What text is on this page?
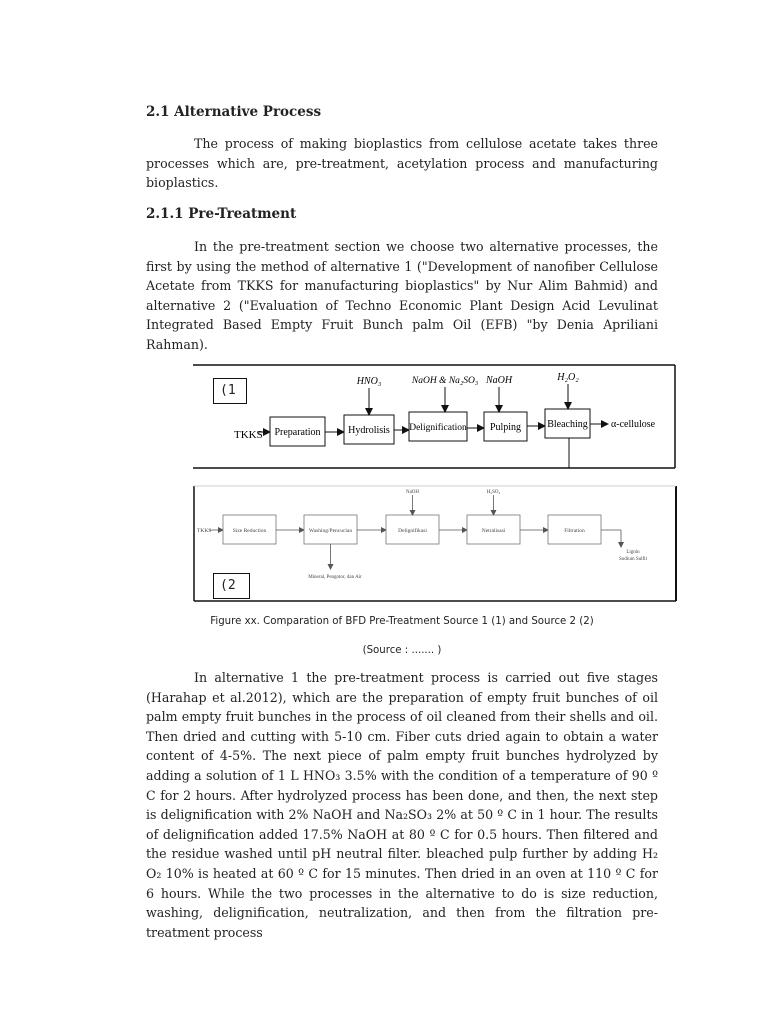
2.1 Alternative Process

The process of making bioplastics from cellulose acetate takes three processes which are, pre-treatment, acetylation process and manufacturing bioplastics.

2.1.1 Pre-Treatment

In the pre-treatment section we choose two alternative processes, the first by using the method of alternative 1 ("Development of nanofiber Cellulose Acetate from TKKS for manufacturing bioplastics" by Nur Alim Bahmid) and alternative 2 ("Evaluation of Techno Economic Plant Design Acid Levulinat Integrated Based Empty Fruit Bunch palm Oil (EFB) "by Denia Apriliani Rahman).

TKKS Preparation	Hydrolisis Delignification Pulping	Bleaching α-cellulose
HNO₃	NaOH & Na₂SO₃ NaOH	H₂O₂
(1
TKKS	Size Reduction	Washing/Pencucian	Delignifikasi	Netralisasi	Filtration
Lignin
Sodium Sulfit
NaOH	H₂SO₄
Mineral, Pengotor, dan Air
(2
Figure xx. Comparation of BFD Pre-Treatment Source 1 (1) and Source 2 (2)
(Source : ....... )

In alternative 1 the pre-treatment process is carried out five stages (Harahap et al.2012), which are the preparation of empty fruit bunches of oil palm empty fruit bunches in the process of oil cleaned from their shells and oil. Then dried and cutting with 5-10 cm. Fiber cuts dried again to obtain a water content of 4-5%. The next piece of palm empty fruit bunches hydrolyzed by adding a solution of 1 L HNO₃ 3.5% with the condition of a temperature of 90 º C for 2 hours. After hydrolyzed process has been done, and then, the next step is delignification with 2% NaOH and Na₂SO₃ 2% at 50 º C in 1 hour. The results of delignification added 17.5% NaOH at 80 º C for 0.5 hours. Then filtered and the residue washed until pH neutral filter. bleached pulp further by adding H₂ O₂ 10% is heated at 60 º C for 15 minutes. Then dried in an oven at 110 º C for 6 hours. While the two processes in the alternative to do is size reduction, washing, delignification, neutralization, and then from the filtration pre-treatment process
